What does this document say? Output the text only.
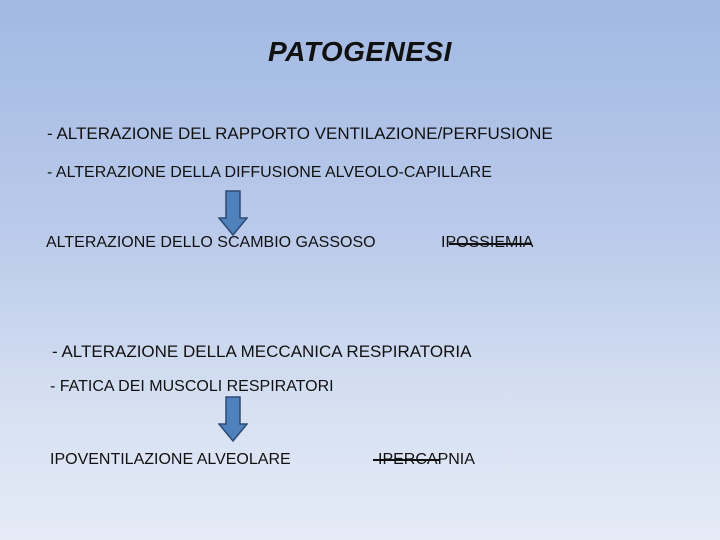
PATOGENESI
- ALTERAZIONE DEL RAPPORTO VENTILAZIONE/PERFUSIONE
- ALTERAZIONE DELLA DIFFUSIONE ALVEOLO-CAPILLARE
ALTERAZIONE DELLO SCAMBIO GASSOSO	IPOSSIEMIA
- ALTERAZIONE DELLA MECCANICA RESPIRATORIA
- FATICA DEI MUSCOLI RESPIRATORI
IPOVENTILAZIONE ALVEOLARE	IPERCAPNIA
